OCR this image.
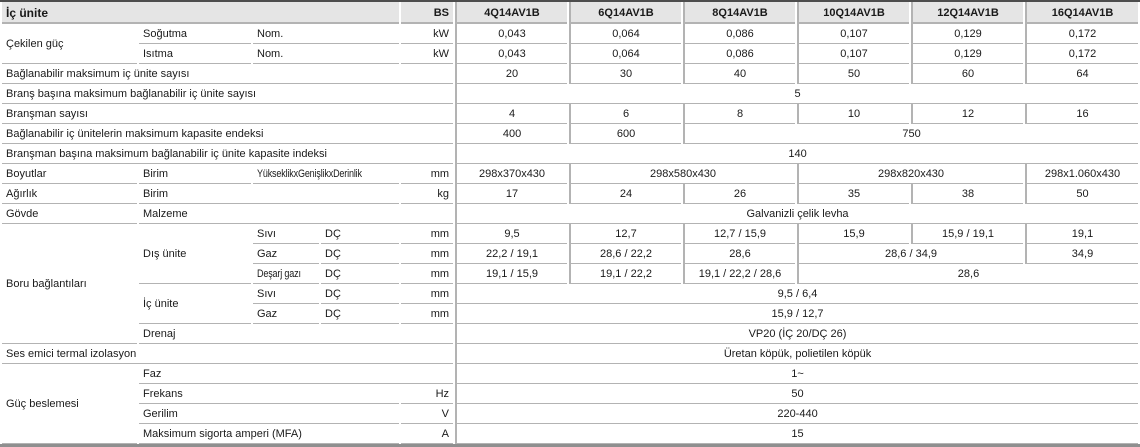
İç ünite				BS	4Q14AV1B	6Q14AV1B	8Q14AV1B	10Q14AV1B	12Q14AV1B	16Q14AV1B
Çekilen güç	Soğutma	Nom.		kW	0,043	0,064	0,086	0,107	0,129	0,172
	Isıtma	Nom.		kW	0,043	0,064	0,086	0,107	0,129	0,172
Bağlanabilir maksimum iç ünite sayısı					20	30	40	50	60	64
Branş başına maksimum bağlanabilir iç ünite sayısı					5					
Branşman sayısı					4	6	8	10	12	16
Bağlanabilir iç ünitelerin maksimum kapasite endeksi					400	600	750			
Branşman başına maksimum bağlanabilir iç ünite kapasite indeksi					140					
Boyutlar	Birim	YükseklikxGenişlikxDerinlik		mm	298x370x430	298x580x430		298x820x430		298x1.060x430
Ağırlık	Birim			kg	17	24	26	35	38	50
Gövde	Malzeme				Galvanizli çelik levha					
Boru bağlantıları	Dış ünite	Sıvı	DÇ	mm	9,5	12,7	12,7 / 15,9	15,9	15,9 / 19,1	19,1
		Gaz	DÇ	mm	22,2 / 19,1	28,6 / 22,2	28,6	28,6 / 34,9		34,9
		Deşarj gazı	DÇ	mm	19,1 / 15,9	19,1 / 22,2	19,1 / 22,2 / 28,6	28,6		
	İç ünite	Sıvı	DÇ	mm	9,5 / 6,4					
		Gaz	DÇ	mm	15,9 / 12,7					
	Drenaj				VP20 (İÇ 20/DÇ 26)					
Ses emici termal izolasyon					Üretan köpük, polietilen köpük					
Güç beslemesi	Faz				1~					
	Frekans			Hz	50					
	Gerilim			V	220-440					
	Maksimum sigorta amperi (MFA)			A	15					
